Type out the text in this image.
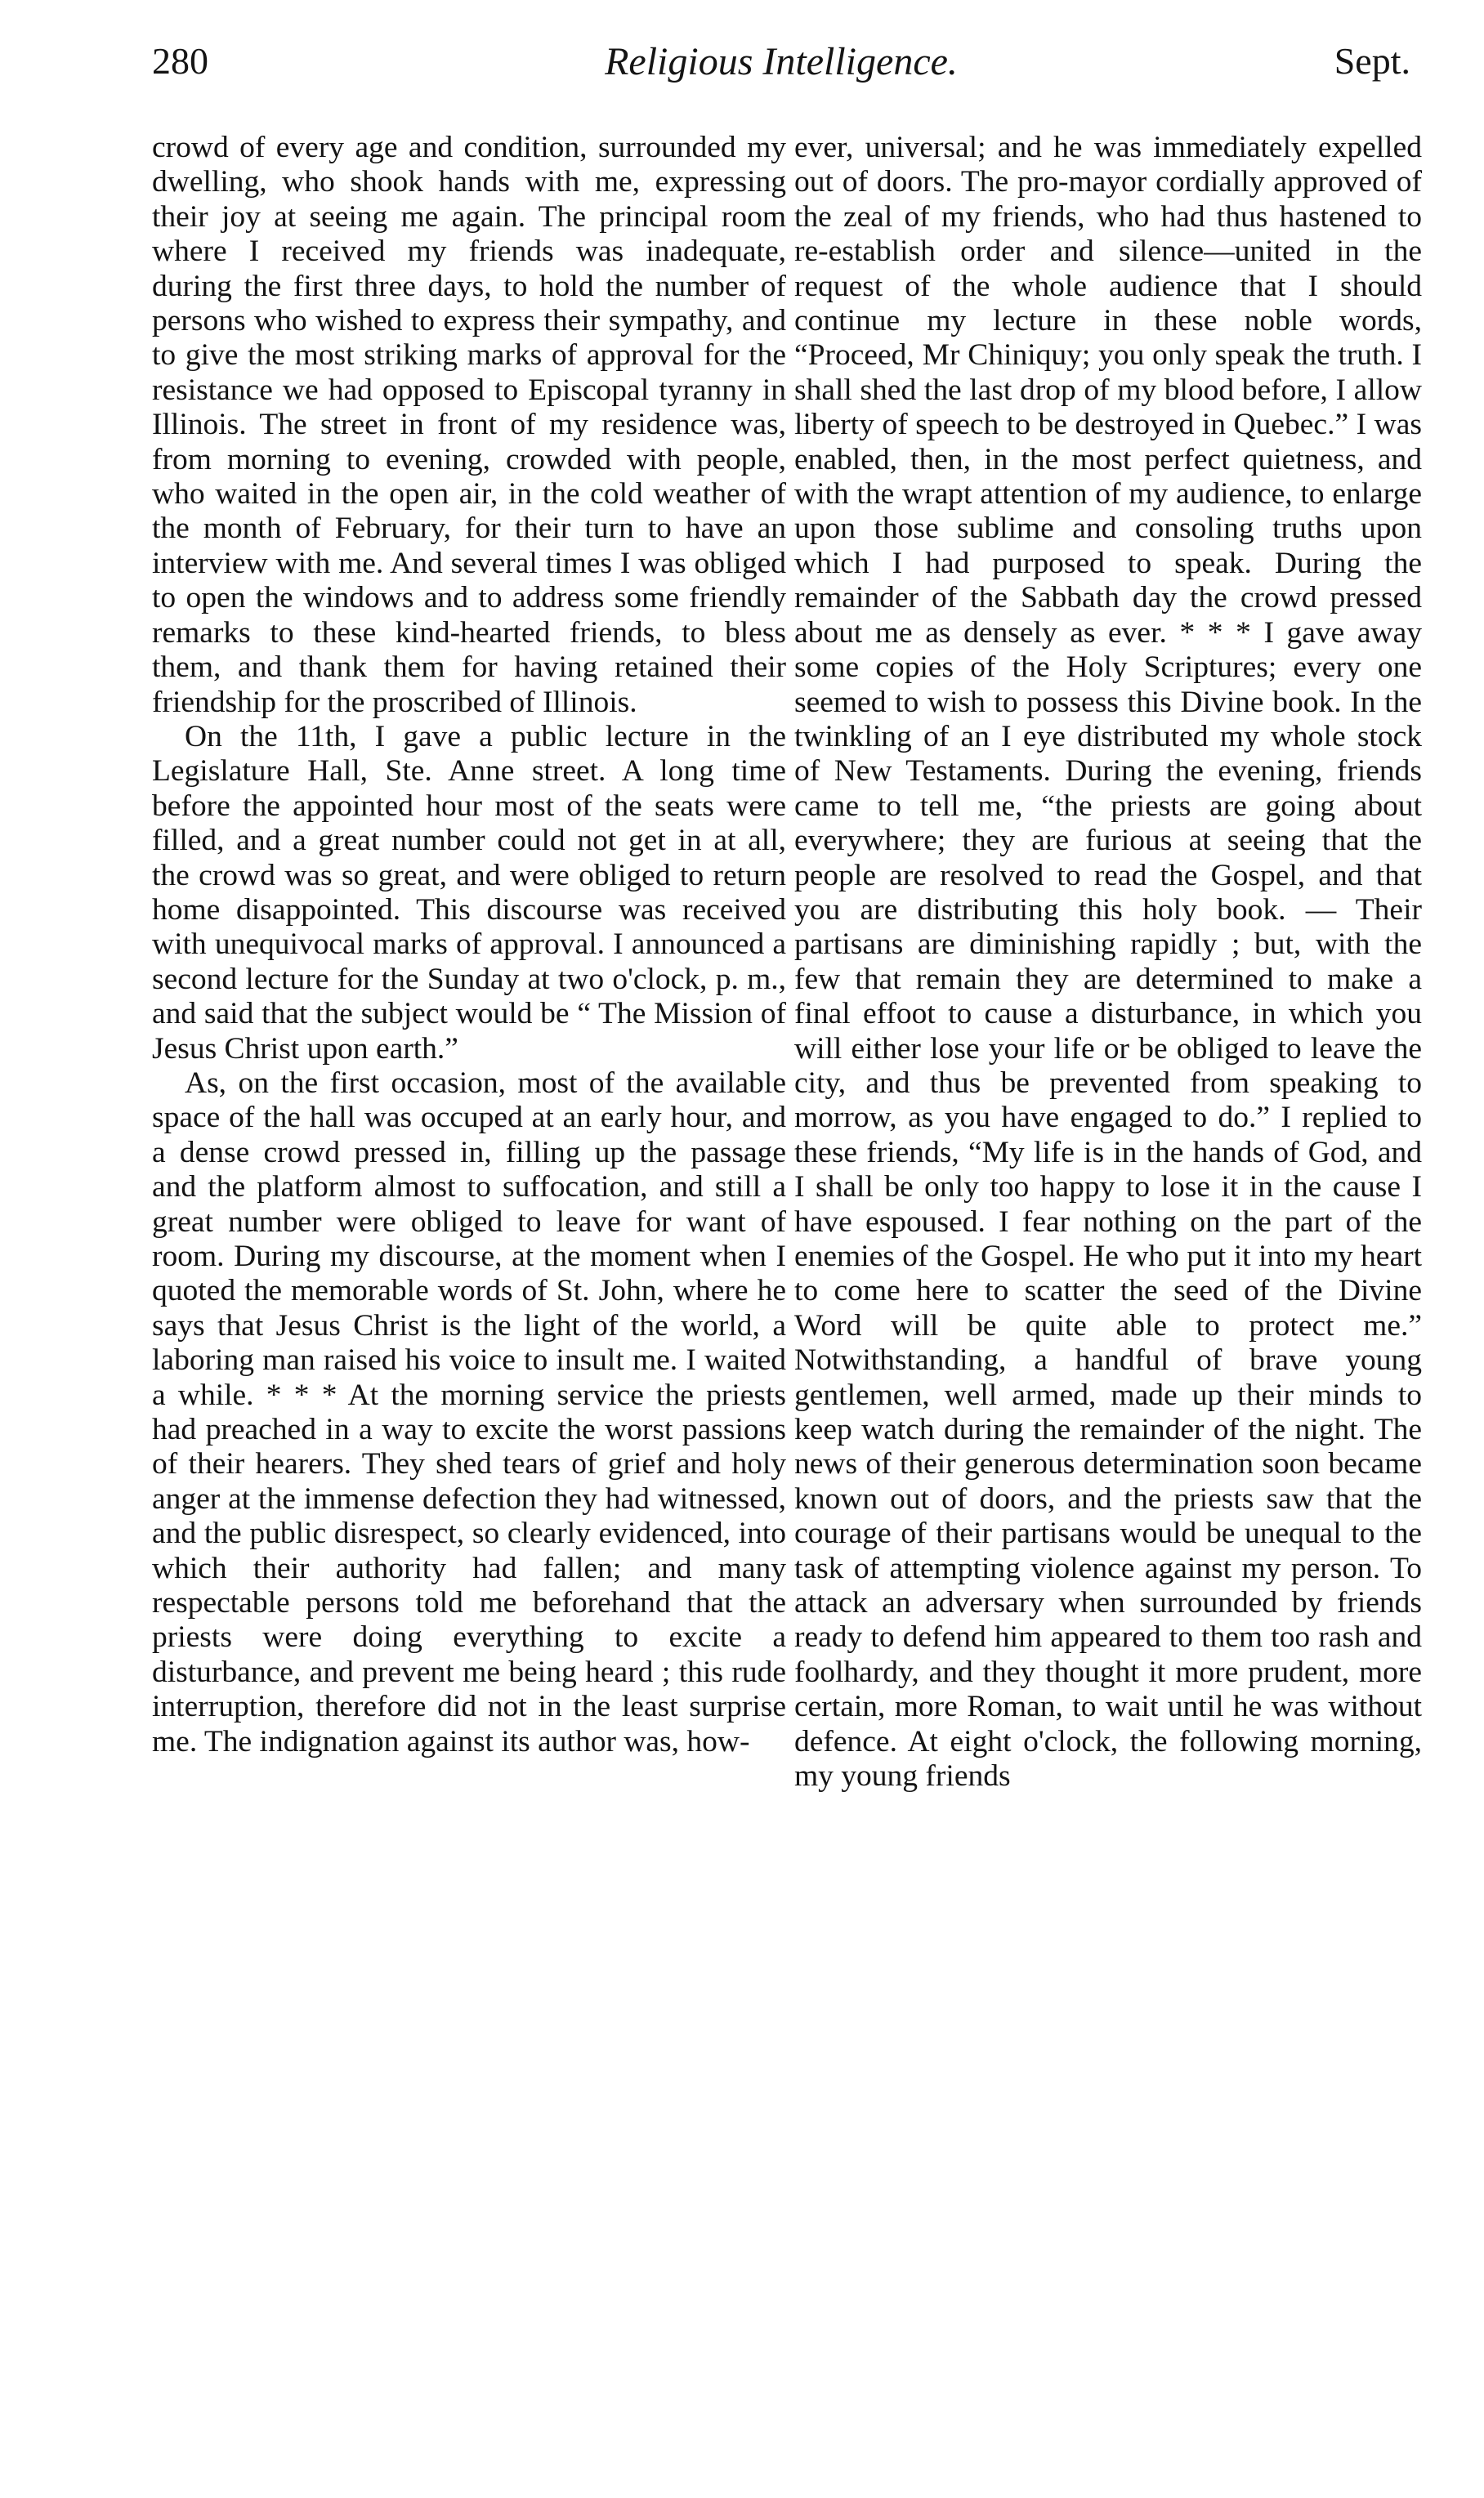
280	Religious Intelligence.	Sept.

crowd of every age and condition, surrounded my dwelling, who shook hands with me, expressing their joy at seeing me again. The principal room where I received my friends was inadequate, during the first three days, to hold the number of persons who wished to express their sympathy, and to give the most striking marks of approval for the resistance we had opposed to Episcopal tyranny in Illinois. The street in front of my residence was, from morning to evening, crowded with people, who waited in the open air, in the cold weather of the month of February, for their turn to have an interview with me. And several times I was obliged to open the windows and to address some friendly remarks to these kind-hearted friends, to bless them, and thank them for having retained their friendship for the proscribed of Illinois.

On the 11th, I gave a public lecture in the Legislature Hall, Ste. Anne street. A long time before the appointed hour most of the seats were filled, and a great number could not get in at all, the crowd was so great, and were obliged to return home disappointed. This discourse was received with unequivocal marks of approval. I announced a second lecture for the Sunday at two o'clock, p. m., and said that the subject would be “ The Mission of Jesus Christ upon earth.”

As, on the first occasion, most of the available space of the hall was occuped at an early hour, and a dense crowd pressed in, filling up the passage and the platform almost to suffocation, and still a great number were obliged to leave for want of room. During my discourse, at the moment when I quoted the memorable words of St. John, where he says that Jesus Christ is the light of the world, a laboring man raised his voice to insult me. I waited a while. * * * At the morning service the priests had preached in a way to excite the worst passions of their hearers. They shed tears of grief and holy anger at the immense defection they had witnessed, and the public disrespect, so clearly evidenced, into which their authority had fallen; and many respectable persons told me beforehand that the priests were doing everything to excite a disturbance, and prevent me being heard ; this rude interruption, therefore did not in the least surprise me. The indignation against its author was, how-

ever, universal; and he was immediately expelled out of doors. The pro-mayor cordially approved of the zeal of my friends, who had thus hastened to re-establish order and silence—united in the request of the whole audience that I should continue my lecture in these noble words, “Proceed, Mr Chiniquy; you only speak the truth. I shall shed the last drop of my blood before, I allow liberty of speech to be destroyed in Quebec.” I was enabled, then, in the most perfect quietness, and with the wrapt attention of my audience, to enlarge upon those sublime and consoling truths upon which I had purposed to speak. During the remainder of the Sabbath day the crowd pressed about me as densely as ever. * * * I gave away some copies of the Holy Scriptures; every one seemed to wish to possess this Divine book. In the twinkling of an I eye distributed my whole stock of New Testaments. During the evening, friends came to tell me, “the priests are going about everywhere; they are furious at seeing that the people are resolved to read the Gospel, and that you are distributing this holy book. — Their partisans are diminishing rapidly ; but, with the few that remain they are determined to make a final effoot to cause a disturbance, in which you will either lose your life or be obliged to leave the city, and thus be prevented from speaking to morrow, as you have engaged to do.” I replied to these friends, “My life is in the hands of God, and I shall be only too happy to lose it in the cause I have espoused. I fear nothing on the part of the enemies of the Gospel. He who put it into my heart to come here to scatter the seed of the Divine Word will be quite able to protect me.” Notwithstanding, a handful of brave young gentlemen, well armed, made up their minds to keep watch during the remainder of the night. The news of their generous determination soon became known out of doors, and the priests saw that the courage of their partisans would be unequal to the task of attempting violence against my person. To attack an adversary when surrounded by friends ready to defend him appeared to them too rash and foolhardy, and they thought it more prudent, more certain, more Roman, to wait until he was without defence. At eight o'clock, the following morning, my young friends
